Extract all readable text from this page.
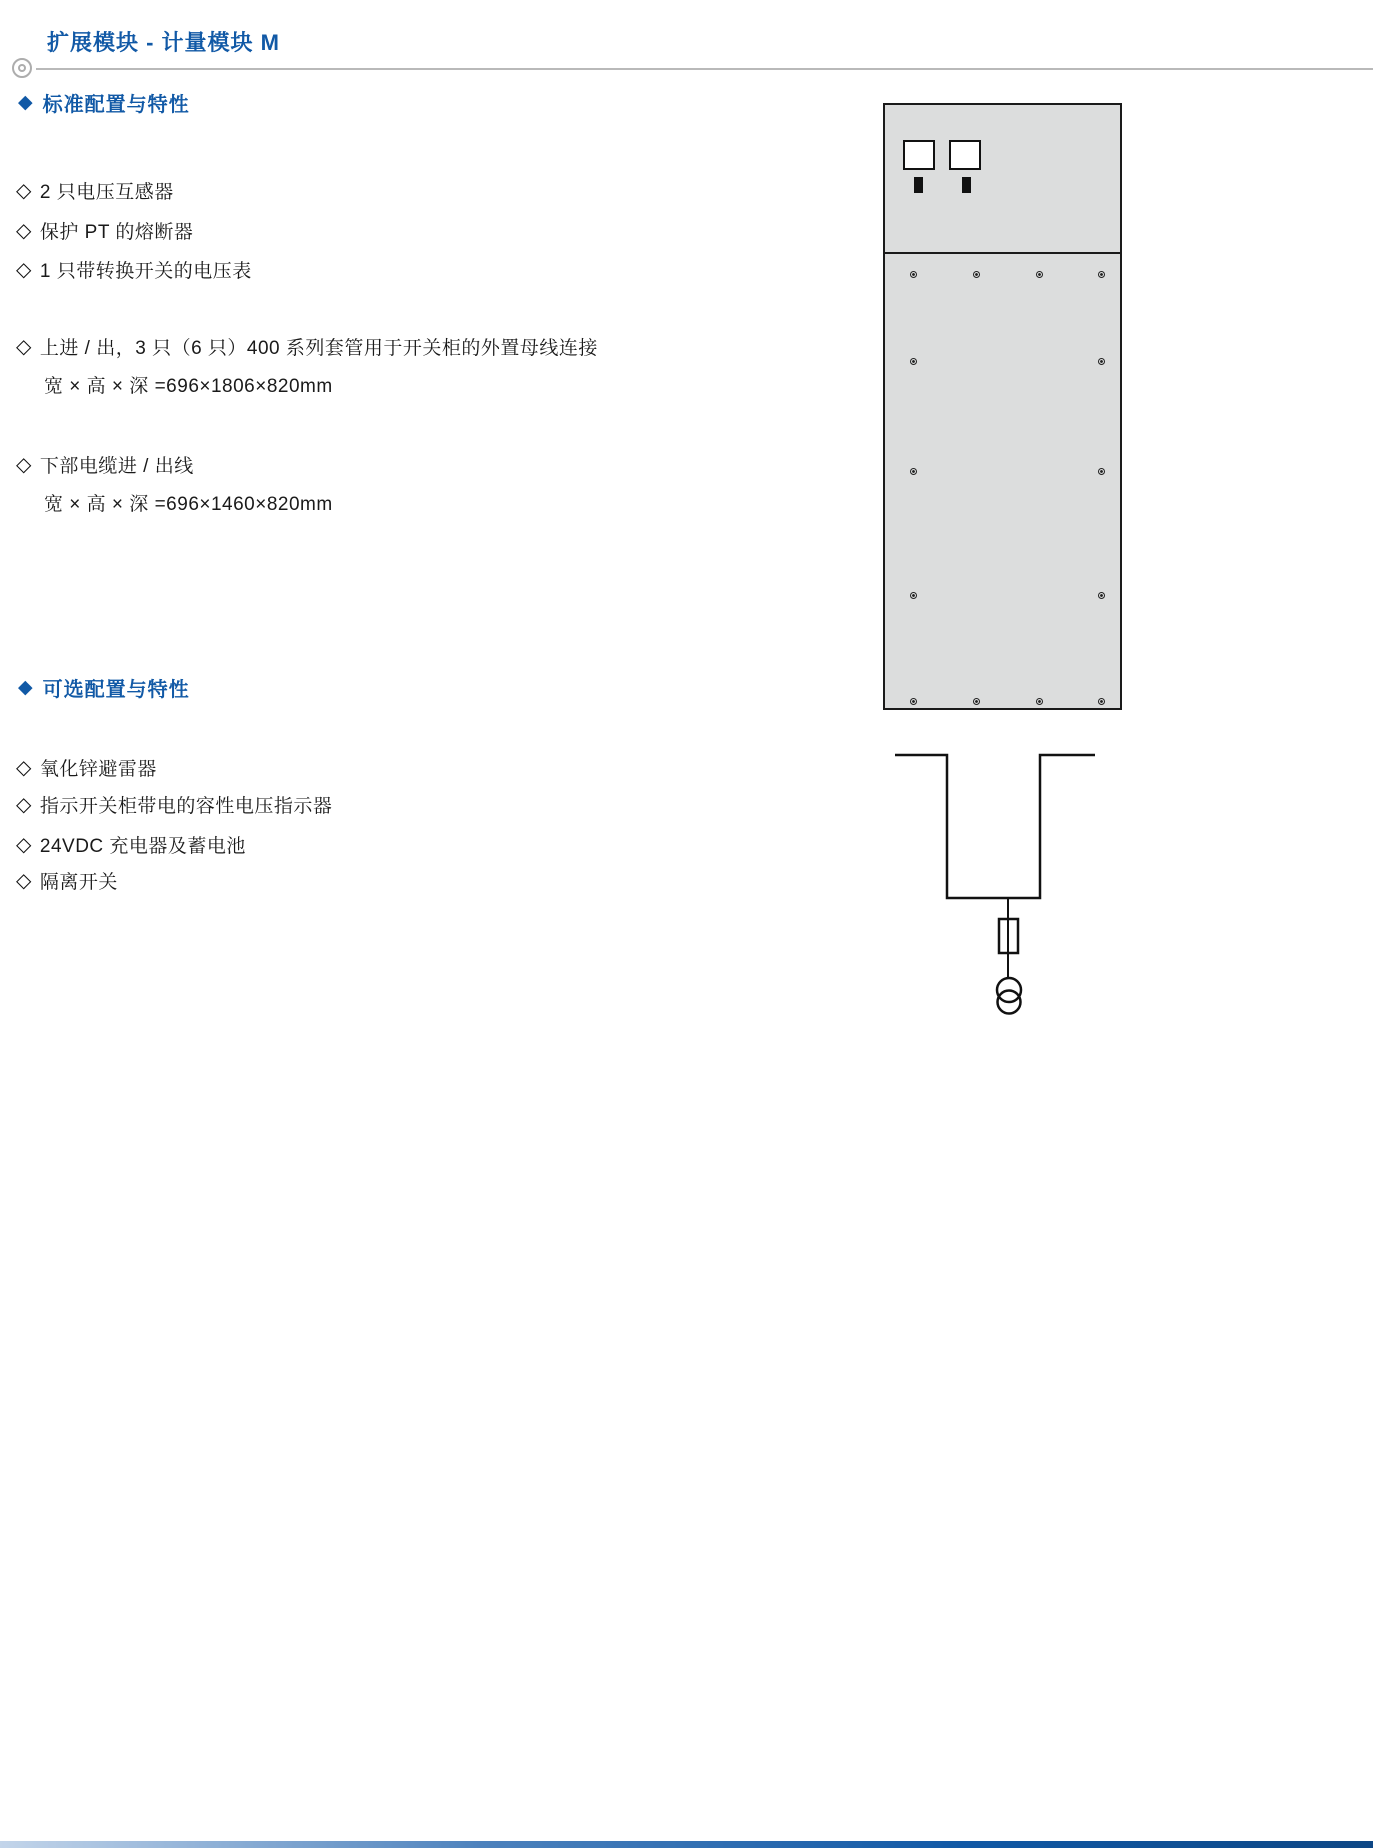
扩展模块 - 计量模块 M
◆ 标准配置与特性
◇ 2 只电压互感器
◇ 保护 PT 的熔断器
◇ 1 只带转换开关的电压表
◇ 上进 / 出，3 只（6 只）400 系列套管用于开关柜的外置母线连接
宽 × 高 × 深 =696×1806×820mm
◇ 下部电缆进 / 出线
宽 × 高 × 深 =696×1460×820mm
◆ 可选配置与特性
◇ 氧化锌避雷器
◇ 指示开关柜带电的容性电压指示器
◇ 24VDC 充电器及蓄电池
◇ 隔离开关
